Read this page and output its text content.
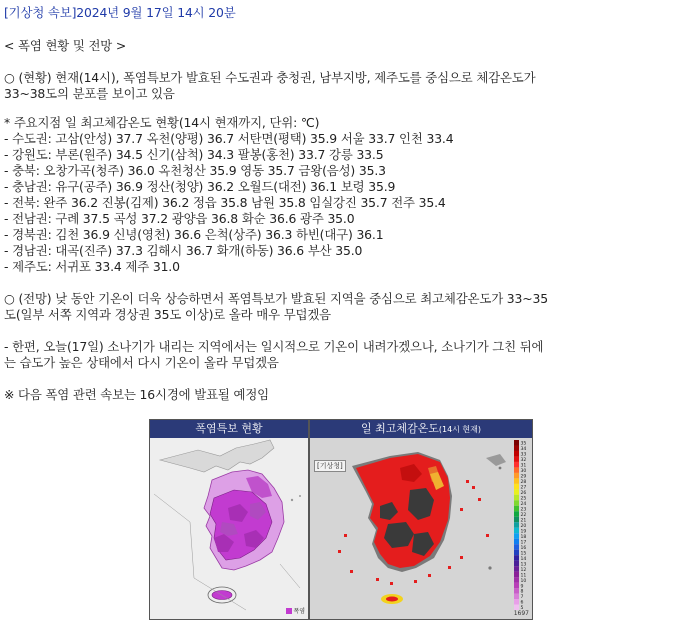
[기상청 속보]2024년 9월 17일 14시 20분
< 폭염 현황 및 전망 >
○ (현황) 현재(14시), 폭염특보가 발효된 수도권과 충청권, 남부지방, 제주도를 중심으로 체감온도가
33~38도의 분포를 보이고 있음
* 주요지점 일 최고체감온도 현황(14시 현재까지, 단위: ℃)
- 수도권: 고삼(안성) 37.7 옥천(양평) 36.7 서탄면(평택) 35.9 서울 33.7 인천 33.4
- 강원도: 부론(원주) 34.5 신기(삼척) 34.3 팔봉(홍천) 33.7 강릉 33.5
- 충북: 오창가곡(청주) 36.0 옥천청산 35.9 영동 35.7 금왕(음성) 35.3
- 충남권: 유구(공주) 36.9 정산(청양) 36.2 오월드(대전) 36.1 보령 35.9
- 전북: 완주 36.2 진봉(김제) 36.2 정읍 35.8 남원 35.8 임실강진 35.7 전주 35.4
- 전남권: 구례 37.5 곡성 37.2 광양읍 36.8 화순 36.6 광주 35.0
- 경북권: 김천 36.9 신녕(영천) 36.6 은척(상주) 36.3 하빈(대구) 36.1
- 경남권: 대곡(진주) 37.3 김해시 36.7 화개(하동) 36.6 부산 35.0
- 제주도: 서귀포 33.4 제주 31.0
○ (전망) 낮 동안 기온이 더욱 상승하면서 폭염특보가 발효된 지역을 중심으로 최고체감온도가 33~35
도(일부 서쪽 지역과 경상권 35도 이상)로 올라 매우 무덥겠음
- 한편, 오늘(17일) 소나기가 내리는 지역에서는 일시적으로 기온이 내려가겠으나, 소나기가 그친 뒤에
는 습도가 높은 상태에서 다시 기온이 올라 무덥겠음
※ 다음 폭염 관련 속보는 16시경에 발표될 예정임
폭염특보 현황
폭염
일 최고체감온도(14시 현재)
[기상청]
1697
35
34
33
32
31
30
29
28
27
26
25
24
23
22
21
20
19
18
17
16
15
14
13
12
11
10
9
8
7
6
5
